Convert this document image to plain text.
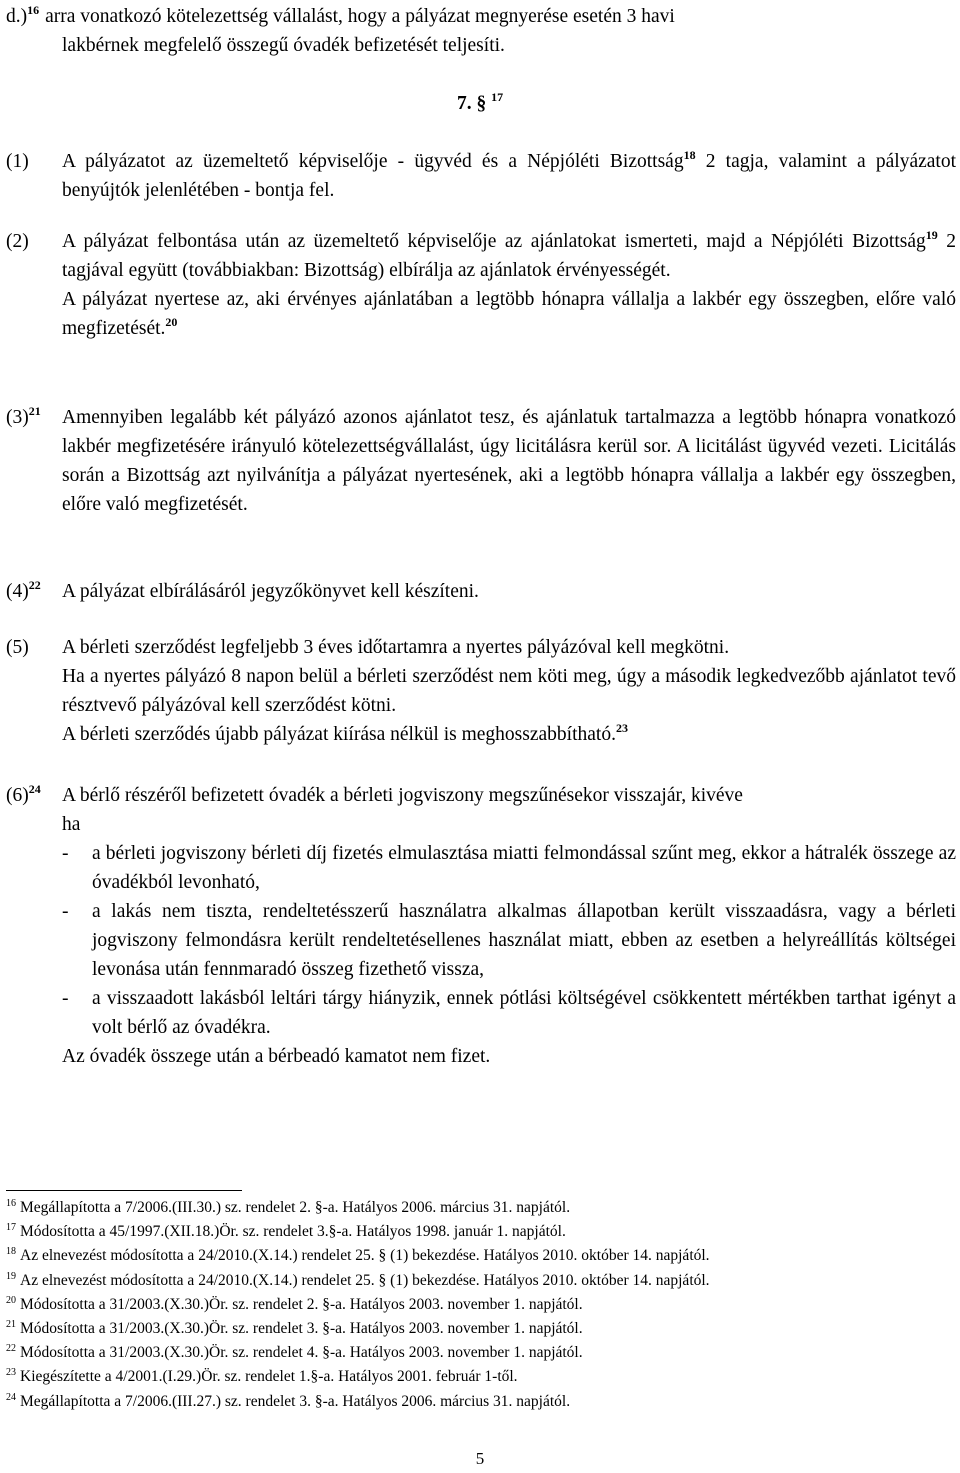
d.)$^{16}$ arra vonatkozó kötelezettség vállalást, hogy a pályázat megnyerése esetén 3 havi
lakbérnek megfelelő összegű óvadék befizetését teljesíti.
7. § $^{17}$
(1)	A pályázatot az üzemeltető képviselője - ügyvéd és a Népjóléti Bizottság$^{18}$ 2 tagja, valamint a pályázatot benyújtók jelenlétében - bontja fel.
(2)	A pályázat felbontása után az üzemeltető képviselője az ajánlatokat ismerteti, majd a Népjóléti Bizottság$^{19}$ 2 tagjával együtt (továbbiakban: Bizottság) elbírálja az ajánlatok érvényességét.
A pályázat nyertese az, aki érvényes ajánlatában a legtöbb hónapra vállalja a lakbér egy összegben, előre való megfizetését.$^{20}$
$(3)^{21}$	Amennyiben legalább két pályázó azonos ajánlatot tesz, és ajánlatuk tartalmazza a legtöbb hónapra vonatkozó lakbér megfizetésére irányuló kötelezettségvállalást, úgy licitálásra kerül sor. A licitálást ügyvéd vezeti. Licitálás során a Bizottság azt nyilvánítja a pályázat nyertesének, aki a legtöbb hónapra vállalja a lakbér egy összegben, előre való megfizetését.
$(4)^{22}$	A pályázat elbírálásáról jegyzőkönyvet kell készíteni.
(5)	A bérleti szerződést legfeljebb 3 éves időtartamra a nyertes pályázóval kell megkötni.
Ha a nyertes pályázó 8 napon belül a bérleti szerződést nem köti meg, úgy a második legkedvezőbb ajánlatot tevő résztvevő pályázóval kell szerződést kötni.
A bérleti szerződés újabb pályázat kiírása nélkül is meghosszabbítható.$^{23}$
$(6)^{24}$	A bérlő részéről befizetett óvadék a bérleti jogviszony megszűnésekor visszajár, kivéve
ha
-	a bérleti jogviszony bérleti díj fizetés elmulasztása miatti felmondással szűnt meg, ekkor a hátralék összege az óvadékból levonható,
-	a lakás nem tiszta, rendeltetésszerű használatra alkalmas állapotban került visszaadásra, vagy a bérleti jogviszony felmondásra került rendeltetésellenes használat miatt, ebben az esetben a helyreállítás költségei levonása után fennmaradó összeg fizethető vissza,
-	a visszaadott lakásból leltári tárgy hiányzik, ennek pótlási költségével csökkentett mértékben tarthat igényt a volt bérlő az óvadékra.
Az óvadék összege után a bérbeadó kamatot nem fizet.
$^{16}$ Megállapította a 7/2006.(III.30.) sz. rendelet 2. §-a. Hatályos 2006. március 31. napjától.
$^{17}$ Módosította a 45/1997.(XII.18.)Ör. sz. rendelet 3.§-a. Hatályos 1998. január 1. napjától.
$^{18}$ Az elnevezést módosította a 24/2010.(X.14.) rendelet 25. § (1) bekezdése. Hatályos 2010. október 14. napjától.
$^{19}$ Az elnevezést módosította a 24/2010.(X.14.) rendelet 25. § (1) bekezdése. Hatályos 2010. október 14. napjától.
$^{20}$ Módosította a 31/2003.(X.30.)Ör. sz. rendelet 2. §-a. Hatályos 2003. november 1. napjától.
$^{21}$ Módosította a 31/2003.(X.30.)Ör. sz. rendelet 3. §-a. Hatályos 2003. november 1. napjától.
$^{22}$ Módosította a 31/2003.(X.30.)Ör. sz. rendelet 4. §-a. Hatályos 2003. november 1. napjától.
$^{23}$ Kiegészítette a 4/2001.(I.29.)Ör. sz. rendelet 1.§-a. Hatályos 2001. február 1-től.
$^{24}$ Megállapította a 7/2006.(III.27.) sz. rendelet 3. §-a. Hatályos 2006. március 31. napjától.
5
